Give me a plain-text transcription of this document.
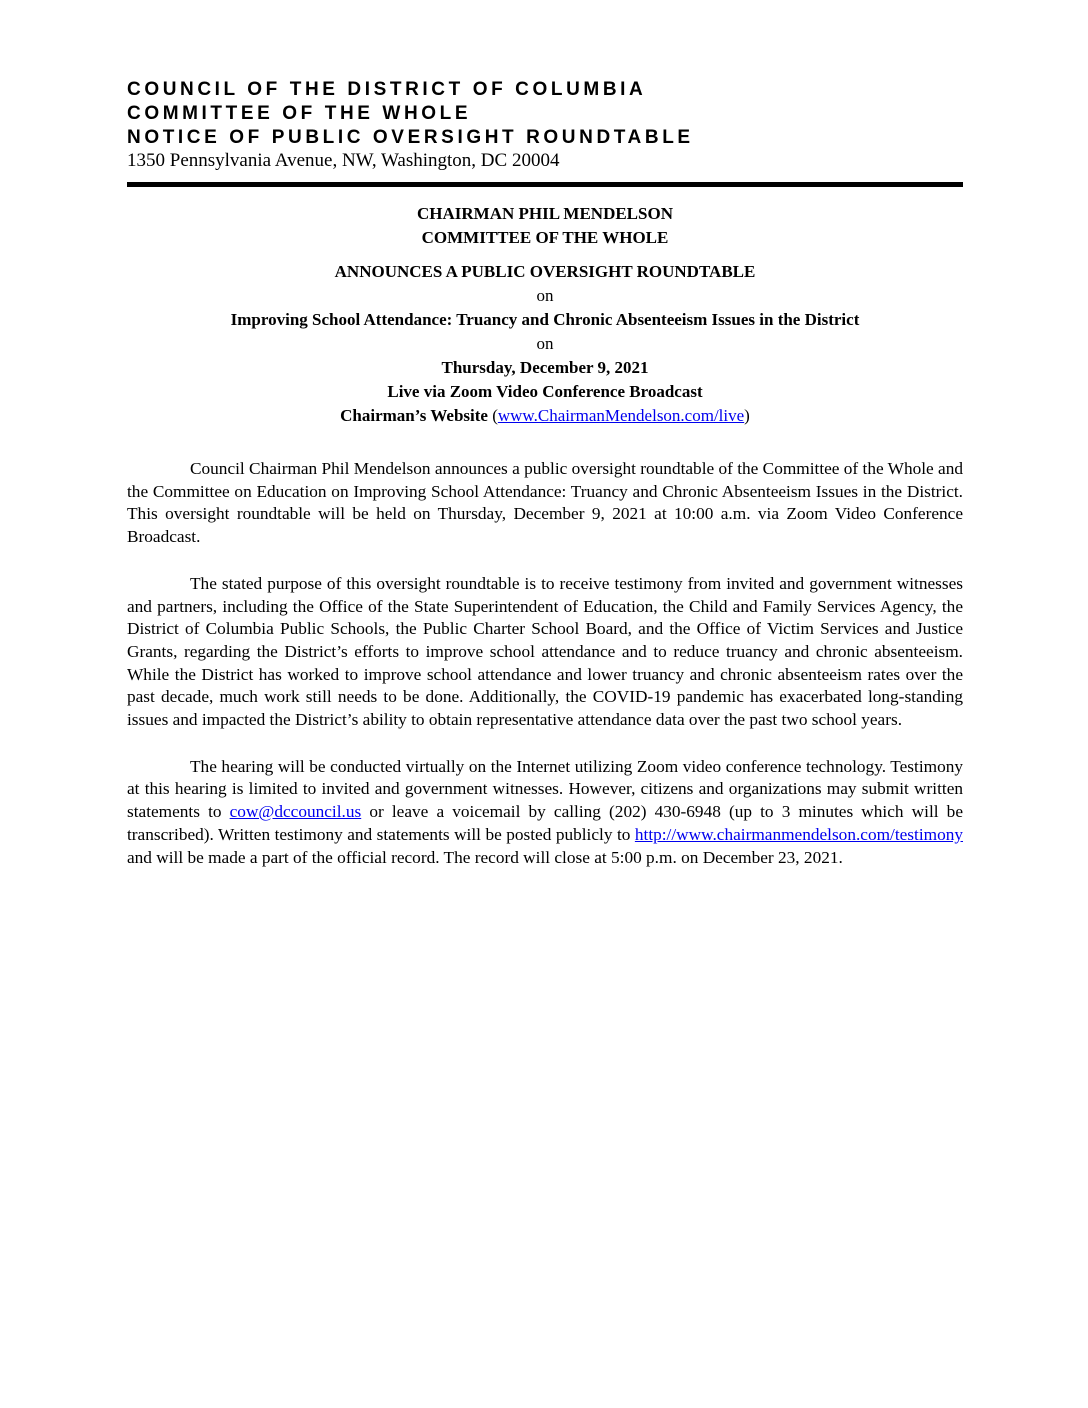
COUNCIL OF THE DISTRICT OF COLUMBIA
COMMITTEE OF THE WHOLE
NOTICE OF PUBLIC OVERSIGHT ROUNDTABLE
1350 Pennsylvania Avenue, NW, Washington, DC 20004
CHAIRMAN PHIL MENDELSON
COMMITTEE OF THE WHOLE
ANNOUNCES A PUBLIC OVERSIGHT ROUNDTABLE
on
Improving School Attendance: Truancy and Chronic Absenteeism Issues in the District
on
Thursday, December 9, 2021
Live via Zoom Video Conference Broadcast
Chairman’s Website (www.ChairmanMendelson.com/live)

Council Chairman Phil Mendelson announces a public oversight roundtable of the Committee of the Whole and the Committee on Education on Improving School Attendance: Truancy and Chronic Absenteeism Issues in the District. This oversight roundtable will be held on Thursday, December 9, 2021 at 10:00 a.m. via Zoom Video Conference Broadcast.

The stated purpose of this oversight roundtable is to receive testimony from invited and government witnesses and partners, including the Office of the State Superintendent of Education, the Child and Family Services Agency, the District of Columbia Public Schools, the Public Charter School Board, and the Office of Victim Services and Justice Grants, regarding the District’s efforts to improve school attendance and to reduce truancy and chronic absenteeism. While the District has worked to improve school attendance and lower truancy and chronic absenteeism rates over the past decade, much work still needs to be done. Additionally, the COVID-19 pandemic has exacerbated long-standing issues and impacted the District’s ability to obtain representative attendance data over the past two school years.

The hearing will be conducted virtually on the Internet utilizing Zoom video conference technology. Testimony at this hearing is limited to invited and government witnesses. However, citizens and organizations may submit written statements to cow@dccouncil.us or leave a voicemail by calling (202) 430-6948 (up to 3 minutes which will be transcribed). Written testimony and statements will be posted publicly to http://www.chairmanmendelson.com/testimony and will be made a part of the official record. The record will close at 5:00 p.m. on December 23, 2021.
